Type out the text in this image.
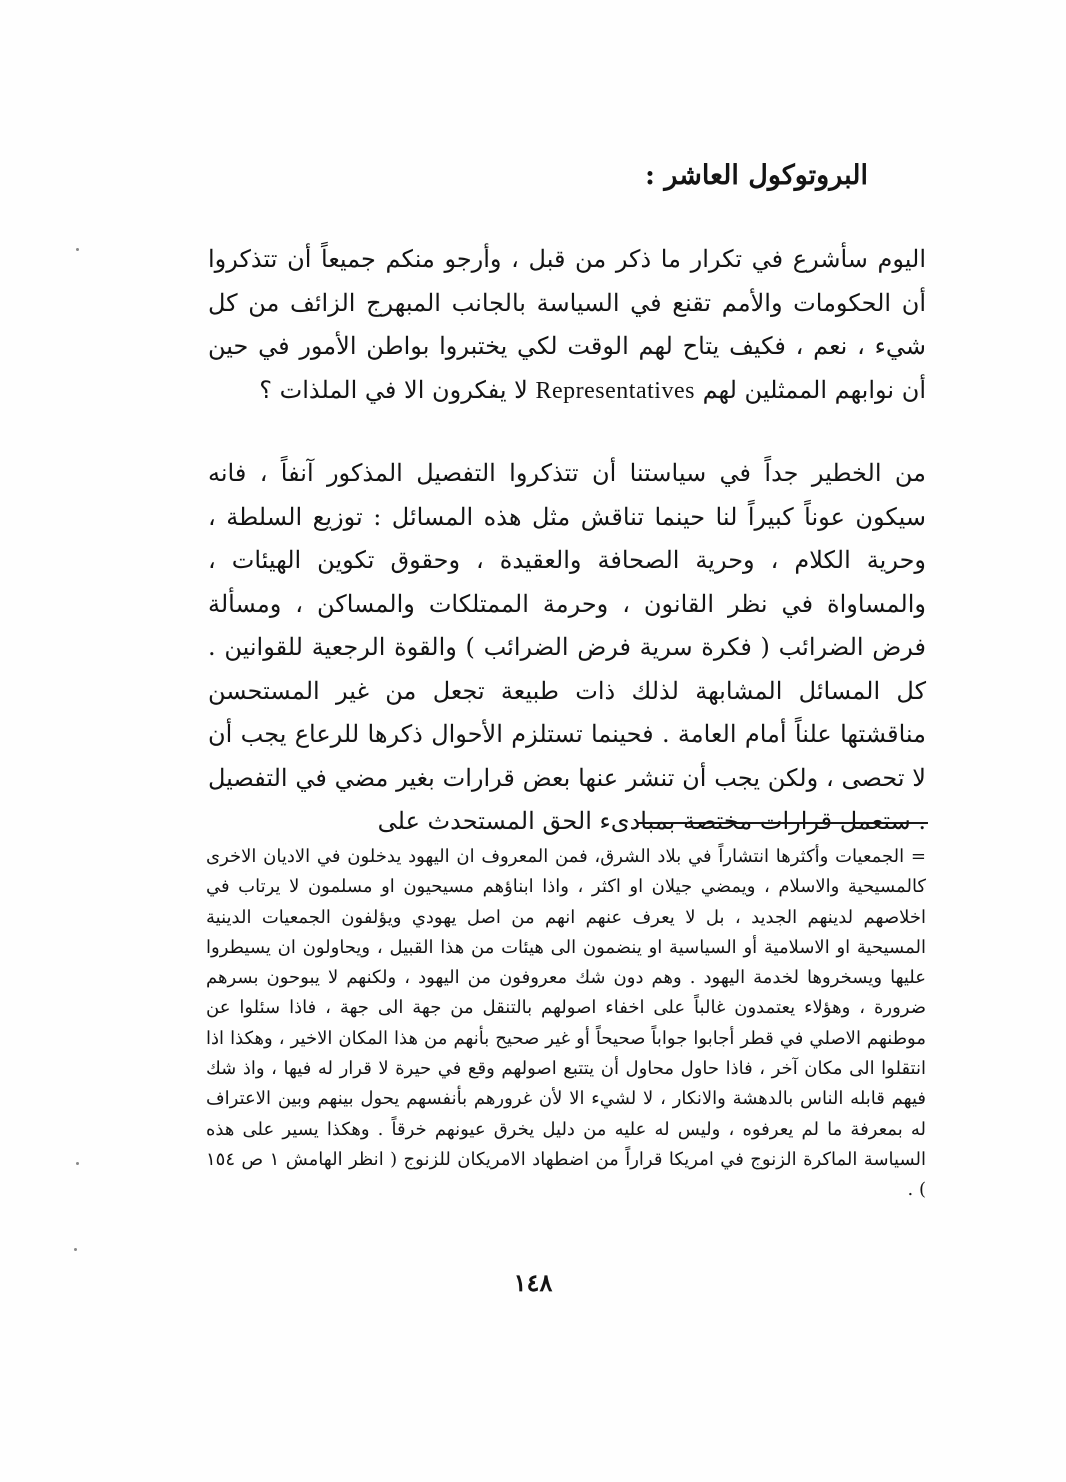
البروتوكول العاشر :

اليوم سأشرع في تكرار ما ذكر من قبل ، وأرجو منكم جميعاً أن تتذكروا أن الحكومات والأمم تقنع في السياسة بالجانب المبهرج الزائف من كل شيء ، نعم ، فكيف يتاح لهم الوقت لكي يختبروا بواطن الأمور في حين أن نوابهم الممثلين لهم Representatives لا يفكرون الا في الملذات ؟

من الخطير جداً في سياستنا أن تتذكروا التفصيل المذكور آنفاً ، فانه سيكون عوناً كبيراً لنا حينما تناقش مثل هذه المسائل : توزيع السلطة ، وحرية الكلام ، وحرية الصحافة والعقيدة ، وحقوق تكوين الهيئات ، والمساواة في نظر القانون ، وحرمة الممتلكات والمساكن ، ومسألة فرض الضرائب ( فكرة سرية فرض الضرائب ) والقوة الرجعية للقوانين . كل المسائل المشابهة لذلك ذات طبيعة تجعل من غير المستحسن مناقشتها علناً أمام العامة . فحينما تستلزم الأحوال ذكرها للرعاع يجب أن لا تحصى ، ولكن يجب أن تنشر عنها بعض قرارات بغير مضي في التفصيل . ستعمل قرارات مختصة بمبادىء الحق المستحدث على

= الجمعيات وأكثرها انتشاراً في بلاد الشرق، فمن المعروف ان اليهود يدخلون في الاديان الاخرى كالمسيحية والاسلام ، ويمضي جيلان او اكثر ، واذا ابناؤهم مسيحيون او مسلمون لا يرتاب في اخلاصهم لدينهم الجديد ، بل لا يعرف عنهم انهم من اصل يهودي ويؤلفون الجمعيات الدينية المسيحية او الاسلامية أو السياسية او ينضمون الى هيئات من هذا القبيل ، ويحاولون ان يسيطروا عليها ويسخروها لخدمة اليهود . وهم دون شك معروفون من اليهود ، ولكنهم لا يبوحون بسرهم ضرورة ، وهؤلاء يعتمدون غالباً على اخفاء اصولهم بالتنقل من جهة الى جهة ، فاذا سئلوا عن موطنهم الاصلي في قطر أجابوا جواباً صحيحاً أو غير صحيح بأنهم من هذا المكان الاخير ، وهكذا اذا انتقلوا الى مكان آخر ، فاذا حاول محاول أن يتتبع اصولهم وقع في حيرة لا قرار له فيها ، واذ شك فيهم قابله الناس بالدهشة والانكار ، لا لشيء الا لأن غرورهم بأنفسهم يحول بينهم وبين الاعتراف له بمعرفة ما لم يعرفوه ، وليس له عليه من دليل يخرق عيونهم خرقاً . وهكذا يسير على هذه السياسة الماكرة الزنوج في امريكا قراراً من اضطهاد الامريكان للزنوج ( انظر الهامش ١ ص ١٥٤ ) .

١٤٨
